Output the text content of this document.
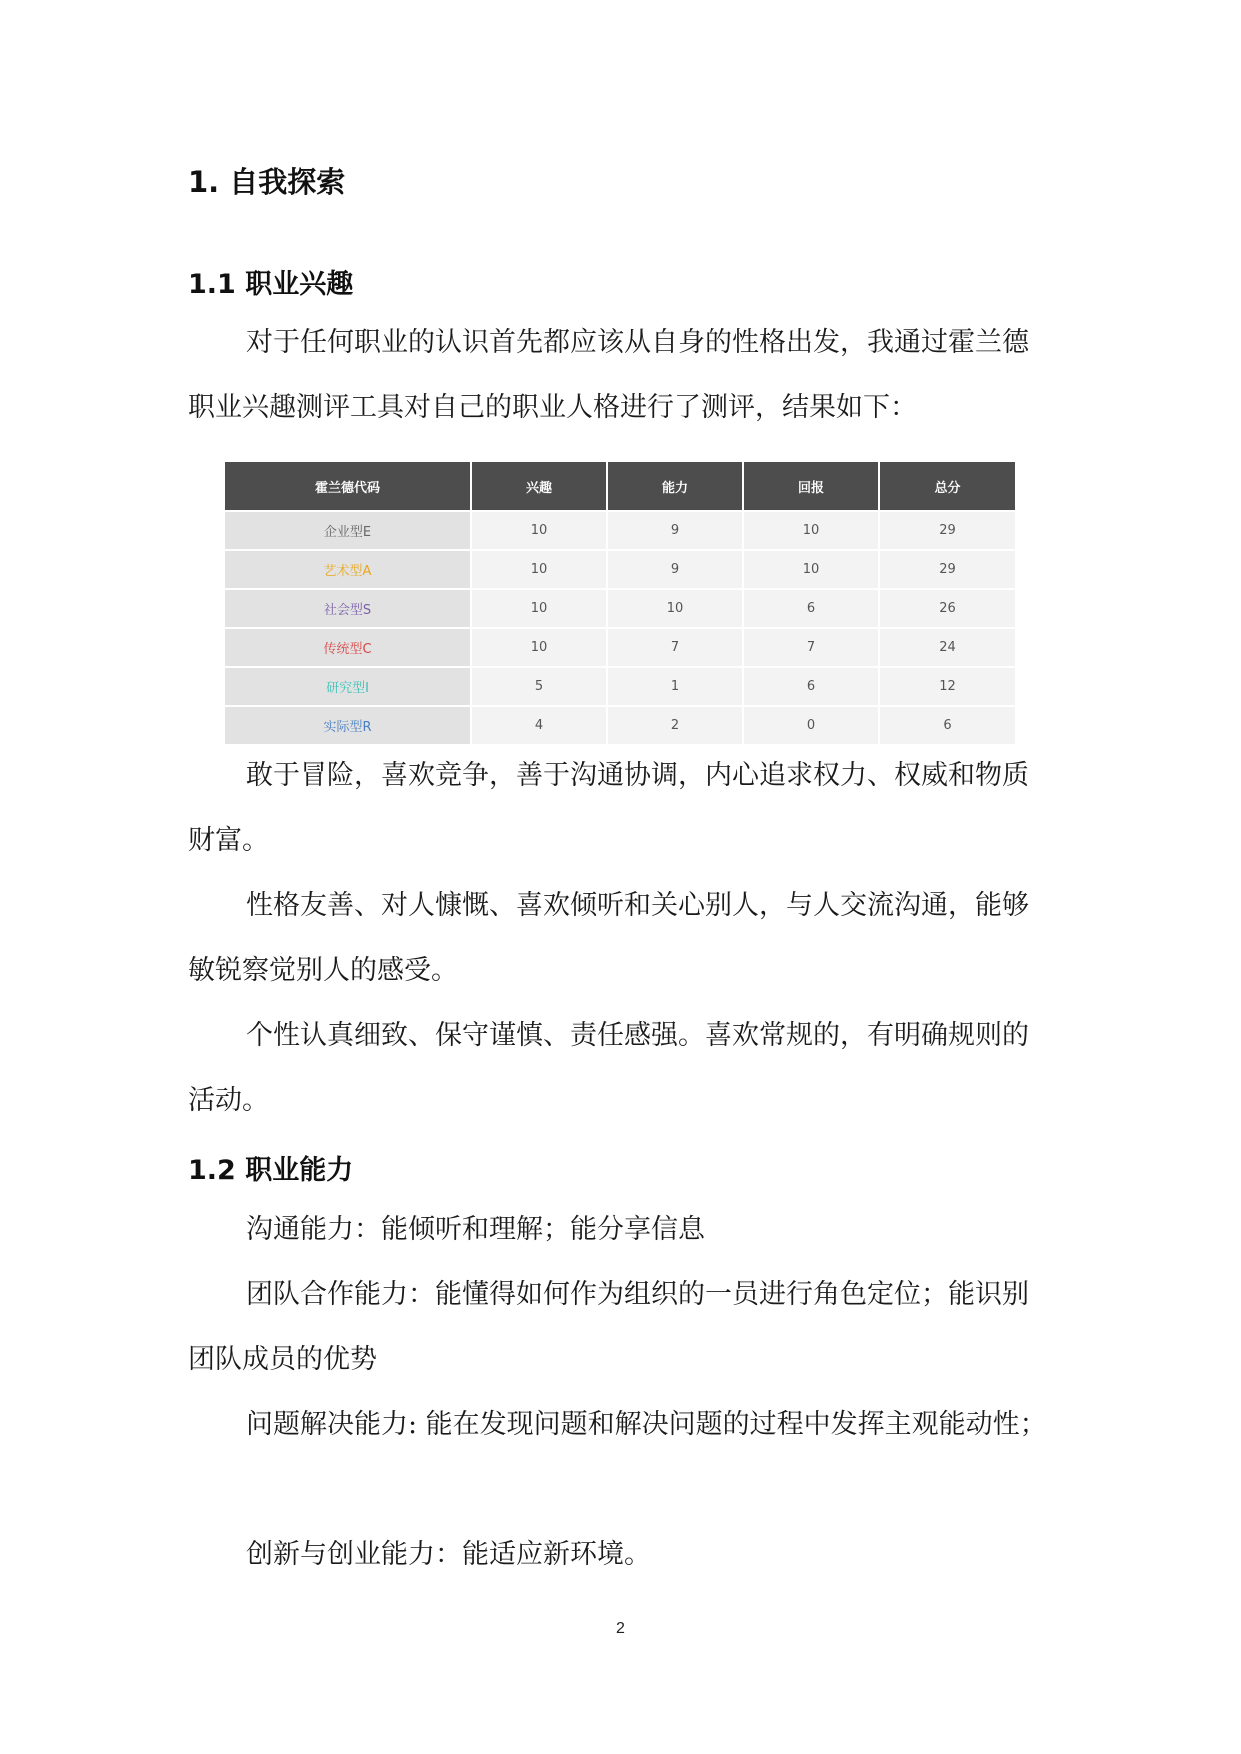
1. 自我探索
1.1 职业兴趣

对于任何职业的认识首先都应该从自身的性格出发，我通过霍兰德职业兴趣测评工具对自己的职业人格进行了测评，结果如下：

霍兰德代码	兴趣	能力	回报	总分
企业型E	10	9	10	29
艺术型A	10	9	10	29
社会型S	10	10	6	26
传统型C	10	7	7	24
研究型I	5	1	6	12
实际型R	4	2	0	6

敢于冒险，喜欢竞争，善于沟通协调，内心追求权力、权威和物质财富。

性格友善、对人慷慨、喜欢倾听和关心别人，与人交流沟通，能够敏锐察觉别人的感受。

个性认真细致、保守谨慎、责任感强。喜欢常规的，有明确规则的活动。

1.2 职业能力

沟通能力：能倾听和理解；能分享信息

团队合作能力：能懂得如何作为组织的一员进行角色定位；能识别团队成员的优势

问题解决能力: 能在发现问题和解决问题的过程中发挥主观能动性；

创新与创业能力：能适应新环境。

2
